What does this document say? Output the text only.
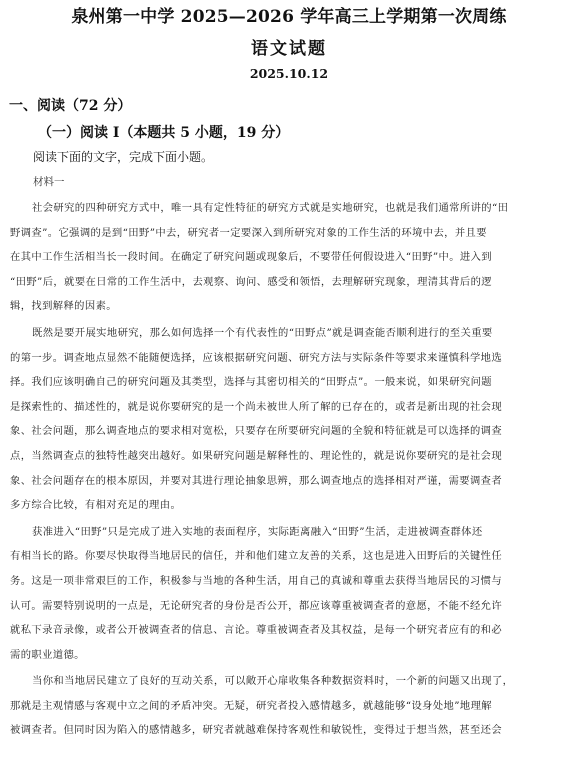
泉州第一中学 2025—2026 学年高三上学期第一次周练
语文试题
2025.10.12
一、阅读（72 分）
（一）阅读 I（本题共 5 小题，19 分）
阅读下面的文字，完成下面小题。
材料一
社会研究的四种研究方式中，唯一具有定性特征的研究方式就是实地研究，也就是我们通常所讲的“田
野调查”。它强调的是到“田野”中去，研究者一定要深入到所研究对象的工作生活的环境中去，并且要
在其中工作生活相当长一段时间。在确定了研究问题或现象后，不要带任何假设进入“田野”中。进入到
“田野”后，就要在日常的工作生活中，去观察、询问、感受和领悟，去理解研究现象，理清其背后的逻
辑，找到解释的因素。
既然是要开展实地研究，那么如何选择一个有代表性的“田野点”就是调查能否顺利进行的至关重要
的第一步。调查地点显然不能随便选择，应该根据研究问题、研究方法与实际条件等要求来谨慎科学地选
择。我们应该明确自己的研究问题及其类型，选择与其密切相关的“田野点”。一般来说，如果研究问题
是探索性的、描述性的，就是说你要研究的是一个尚未被世人所了解的已存在的，或者是新出现的社会现
象、社会问题，那么调查地点的要求相对宽松，只要存在所要研究问题的全貌和特征就是可以选择的调查
点，当然调查点的独特性越突出越好。如果研究问题是解释性的、理论性的，就是说你要研究的是社会现
象、社会问题存在的根本原因，并要对其进行理论抽象思辨，那么调查地点的选择相对严谨，需要调查者
多方综合比较，有相对充足的理由。
获准进入“田野”只是完成了进入实地的表面程序，实际距离融入“田野”生活，走进被调查群体还
有相当长的路。你要尽快取得当地居民的信任，并和他们建立友善的关系，这也是进入田野后的关键性任
务。这是一项非常艰巨的工作，积极参与当地的各种生活，用自己的真诚和尊重去获得当地居民的习惯与
认可。需要特别说明的一点是，无论研究者的身份是否公开，都应该尊重被调查者的意愿，不能不经允许
就私下录音录像，或者公开被调查者的信息、言论。尊重被调查者及其权益，是每一个研究者应有的和必
需的职业道德。
当你和当地居民建立了良好的互动关系，可以敞开心扉收集各种数据资料时，一个新的问题又出现了，
那就是主观情感与客观中立之间的矛盾冲突。无疑，研究者投入感情越多，就越能够“设身处地”地理解
被调查者。但同时因为陷入的感情越多，研究者就越难保持客观性和敏锐性，变得过于想当然，甚至还会
